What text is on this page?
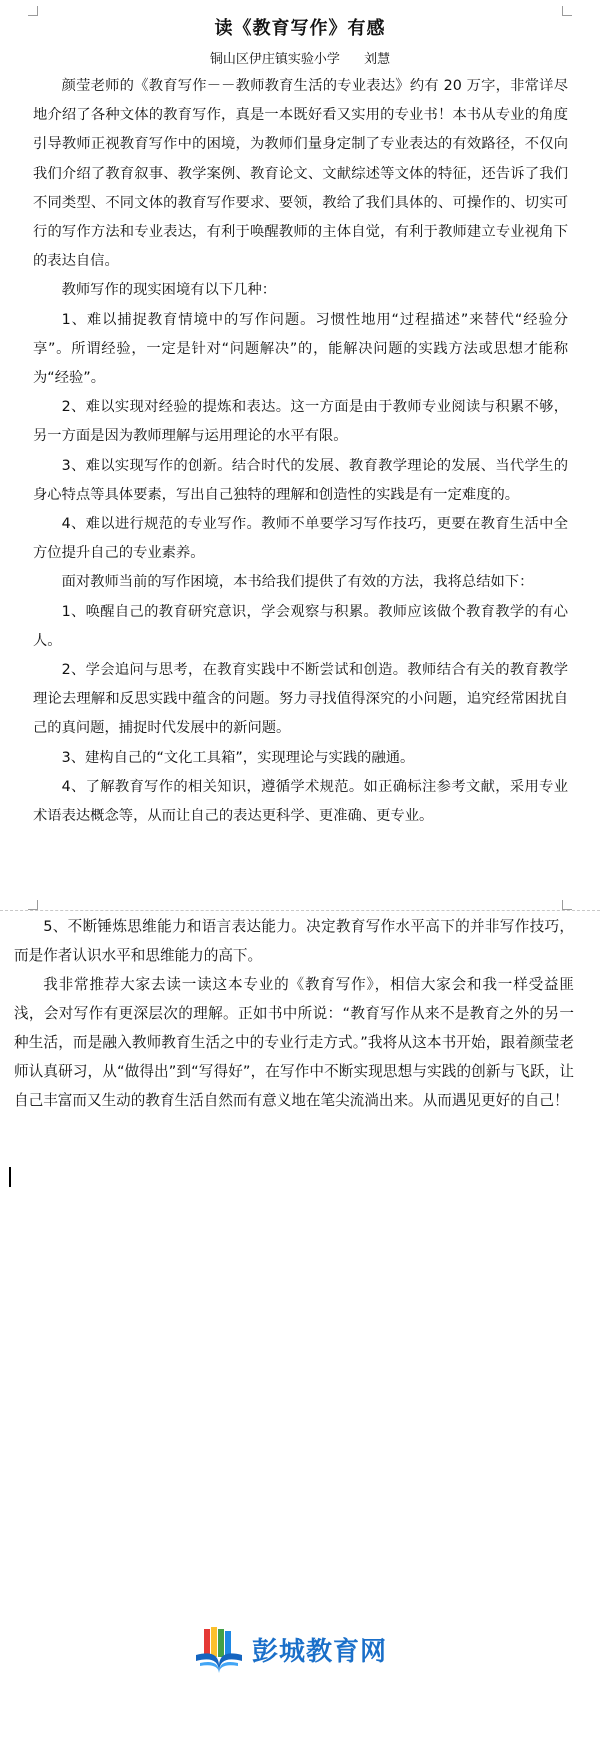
读《教育写作》有感
铜山区伊庄镇实验小学 刘慧

颜莹老师的《教育写作－－教师教育生活的专业表达》约有 20 万字，非常详尽地介绍了各种文体的教育写作，真是一本既好看又实用的专业书！本书从专业的角度引导教师正视教育写作中的困境，为教师们量身定制了专业表达的有效路径，不仅向我们介绍了教育叙事、教学案例、教育论文、文献综述等文体的特征，还告诉了我们不同类型、不同文体的教育写作要求、要领，教给了我们具体的、可操作的、切实可行的写作方法和专业表达，有利于唤醒教师的主体自觉，有利于教师建立专业视角下的表达自信。

教师写作的现实困境有以下几种：

1、难以捕捉教育情境中的写作问题。习惯性地用“过程描述”来替代“经验分享”。所谓经验，一定是针对“问题解决”的，能解决问题的实践方法或思想才能称为“经验”。

2、难以实现对经验的提炼和表达。这一方面是由于教师专业阅读与积累不够，另一方面是因为教师理解与运用理论的水平有限。

3、难以实现写作的创新。结合时代的发展、教育教学理论的发展、当代学生的身心特点等具体要素，写出自己独特的理解和创造性的实践是有一定难度的。

4、难以进行规范的专业写作。教师不单要学习写作技巧，更要在教育生活中全方位提升自己的专业素养。

面对教师当前的写作困境，本书给我们提供了有效的方法，我将总结如下：

1、唤醒自己的教育研究意识，学会观察与积累。教师应该做个教育教学的有心人。

2、学会追问与思考，在教育实践中不断尝试和创造。教师结合有关的教育教学理论去理解和反思实践中蕴含的问题。努力寻找值得深究的小问题，追究经常困扰自己的真问题，捕捉时代发展中的新问题。

3、建构自己的“文化工具箱”，实现理论与实践的融通。

4、了解教育写作的相关知识，遵循学术规范。如正确标注参考文献，采用专业术语表达概念等，从而让自己的表达更科学、更准确、更专业。

5、不断锤炼思维能力和语言表达能力。决定教育写作水平高下的并非写作技巧，而是作者认识水平和思维能力的高下。

我非常推荐大家去读一读这本专业的《教育写作》，相信大家会和我一样受益匪浅，会对写作有更深层次的理解。正如书中所说：“教育写作从来不是教育之外的另一种生活，而是融入教师教育生活之中的专业行走方式。”我将从这本书开始，跟着颜莹老师认真研习，从“做得出”到“写得好”，在写作中不断实现思想与实践的创新与飞跃，让自己丰富而又生动的教育生活自然而有意义地在笔尖流淌出来。从而遇见更好的自己！

彭城教育网
